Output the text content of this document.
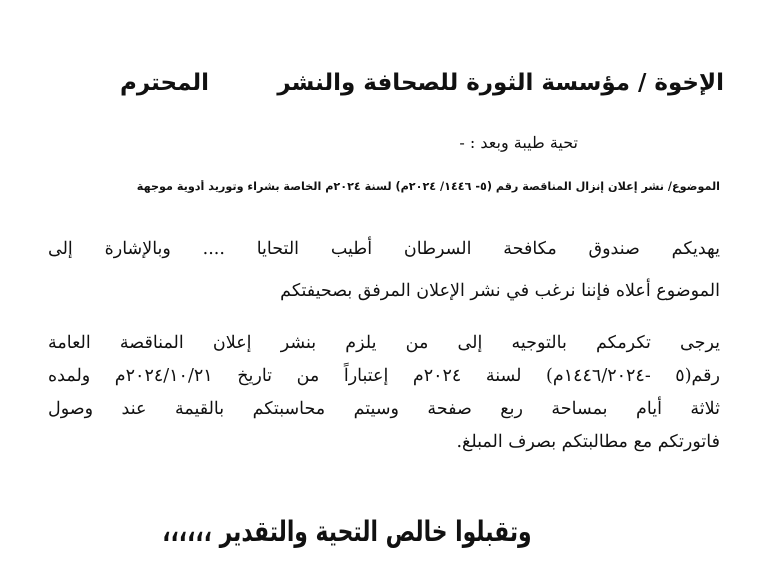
الإخوة / مؤسسة الثورة للصحافة والنشر
المحترم
تحية طيبة وبعد : -
الموضوع/ نشر إعلان إنزال المناقصة رقم (٥- ١٤٤٦/ ٢٠٢٤م) لسنة ٢٠٢٤م الخاصة بشراء وتوريد أدوية موجهة
يهديكم صندوق مكافحة السرطان أطيب التحايا .... وبالإشارة إلى
الموضوع أعلاه فإننا نرغب في نشر الإعلان المرفق بصحيفتكم
يرجى تكرمكم بالتوجيه إلى من يلزم بنشر إعلان المناقصة العامة
رقم(٥ -١٤٤٦/٢٠٢٤م) لسنة ٢٠٢٤م إعتباراً من تاريخ ٢٠٢٤/١٠/٢١م ولمده
ثلاثة أيام بمساحة ربع صفحة وسيتم محاسبتكم بالقيمة عند وصول
فاتورتكم مع مطالبتكم بصرف المبلغ.
وتقبلوا خالص التحية والتقدير ،،،،،،
